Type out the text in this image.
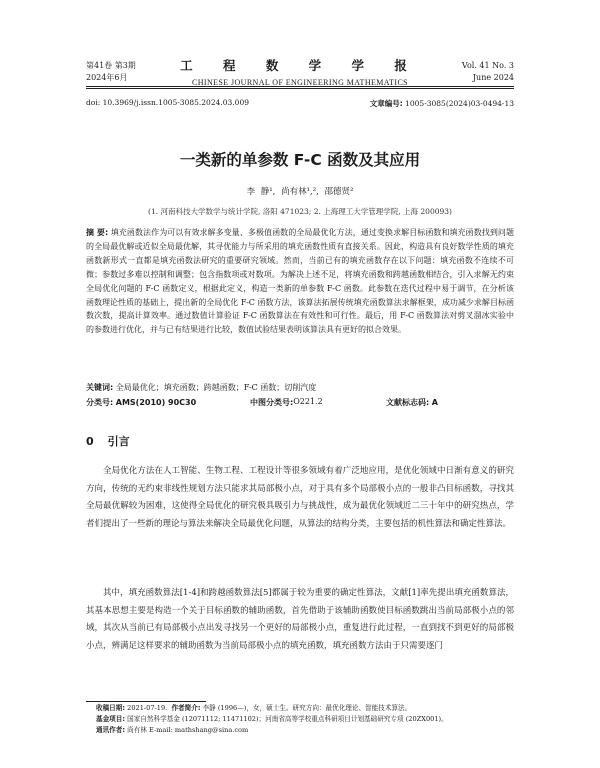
第41卷 第3期
2024年6月
工 程 数 学 学 报
CHINESE JOURNAL OF ENGINEERING MATHEMATICS
Vol. 41 No. 3
June 2024
doi: 10.3969/j.issn.1005-3085.2024.03.009	文章编号: 1005-3085(2024)03-0494-13
一类新的单参数 F-C 函数及其应用
李 静¹, 尚有林¹,², 邵德贤²
(1. 河南科技大学数学与统计学院, 洛阳 471023; 2. 上海理工大学管理学院, 上海 200093)
摘 要: 填充函数法作为可以有效求解多变量、多极值函数的全局最优化方法，通过变换求解目标函数和填充函数找到问题的全局最优解或近似全局最优解，其寻优能力与所采用的填充函数性质有直接关系。因此，构造具有良好数学性质的填充函数新形式一直都是填充函数法研究的重要研究领域。然而，当前已有的填充函数存在以下问题：填充函数不连续不可微；参数过多难以控制和调整；包含指数项或对数项。为解决上述不足，将填充函数和跨越函数相结合，引入求解无约束全局优化问题的 F-C 函数定义，根据此定义，构造一类新的单参数 F-C 函数。此参数在迭代过程中易于调节，在分析该函数理论性质的基础上，提出新的全局优化 F-C 函数方法，该算法拓展传统填充函数算法求解框架，成功减少求解目标函数次数，提高计算效率。通过数值计算验证 F-C 函数算法在有效性和可行性。最后，用 F-C 函数算法对剪叉溜冰实验中的参数进行优化，并与已有结果进行比较，数值试验结果表明该算法具有更好的拟合效果。
关键词: 全局最优化；填充函数；跨越函数；F-C 函数；切削汽度
分类号: AMS(2010) 90C30	中图分类号: O221.2	文献标志码: A
0 引言

全局优化方法在人工智能、生物工程、工程设计等很多领域有着广泛地应用，是优化领域中日渐有意义的研究方向，传统的无约束非线性规划方法只能求其局部极小点，对于具有多个局部极小点的一般非凸目标函数，寻找其全局最优解较为困难，这使得全局优化的研究极具吸引力与挑战性，成为最优化领域近二三十年中的研究热点，学者们提出了一些新的理论与算法来解决全局最优化问题，从算法的结构分类，主要包括的机性算法和确定性算法。

其中，填充函数算法[1-4]和跨越函数算法[5]都属于较为重要的确定性算法，文献[1]率先提出填充函数算法，其基本思想主要是构造一个关于目标函数的辅助函数，首先借助于该辅助函数使目标函数跳出当前局部极小点的邻域，其次从当前已有局部极小点出发寻找另一个更好的局部极小点，重复进行此过程，一直到找不到更好的局部极小点，辨满足这样要求的辅助函数为当前局部极小点的填充函数，填充函数方法由于只需要逐门

收稿日期: 2021-07-19. 作者简介: 李静 (1996—)，女，硕士生。研究方向：最优化理论、智能技术算法。
基金项目: 国家自然科学基金 (12071112; 11471102)；河南省高等学校重点科研项目计划基础研究专项 (20ZX001)。
通讯作者: 尚有林 E-mail: mathshang@sina.com
